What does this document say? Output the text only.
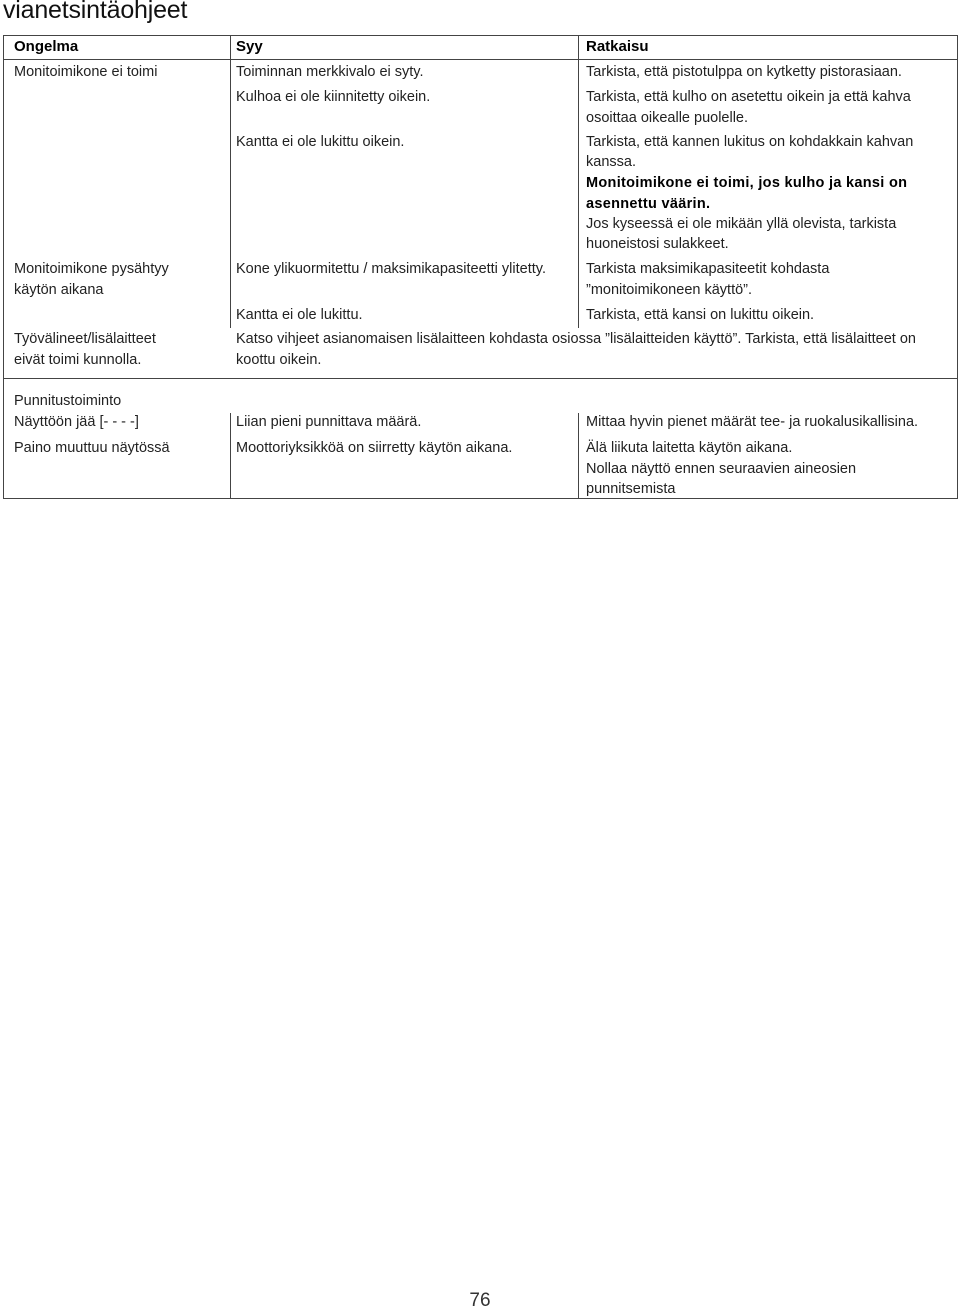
vianetsintäohjeet
Ongelma	Syy	Ratkaisu
Monitoimikone ei toimi	Toiminnan merkkivalo ei syty.	Tarkista, että pistotulppa on kytketty pistorasiaan.
Kulhoa ei ole kiinnitetty oikein.	Tarkista, että kulho on asetettu oikein ja että kahva
osoittaa oikealle puolelle.
Kantta ei ole lukittu oikein.	Tarkista, että kannen lukitus on kohdakkain kahvan
kanssa.
Monitoimikone ei toimi, jos kulho ja kansi on
asennettu väärin.
Jos kyseessä ei ole mikään yllä olevista, tarkista
huoneistosi sulakkeet.
Monitoimikone pysähtyy
käytön aikana
Kone ylikuormitettu / maksimikapasiteetti ylitetty.	Tarkista maksimikapasiteetit kohdasta
”monitoimikoneen käyttö”.
Kantta ei ole lukittu.	Tarkista, että kansi on lukittu oikein.
Työvälineet/lisälaitteet
eivät toimi kunnolla.
Katso vihjeet asianomaisen lisälaitteen kohdasta osiossa ”lisälaitteiden käyttö”. Tarkista, että lisälaitteet on
koottu oikein.
Punnitustoiminto
Näyttöön jää [- - - -]	Liian pieni punnittava määrä.	Mittaa hyvin pienet määrät tee- ja ruokalusikallisina.
Paino muuttuu näytössä	Moottoriyksikköä on siirretty käytön aikana.	Älä liikuta laitetta käytön aikana.
Nollaa näyttö ennen seuraavien aineosien
punnitsemista
76
